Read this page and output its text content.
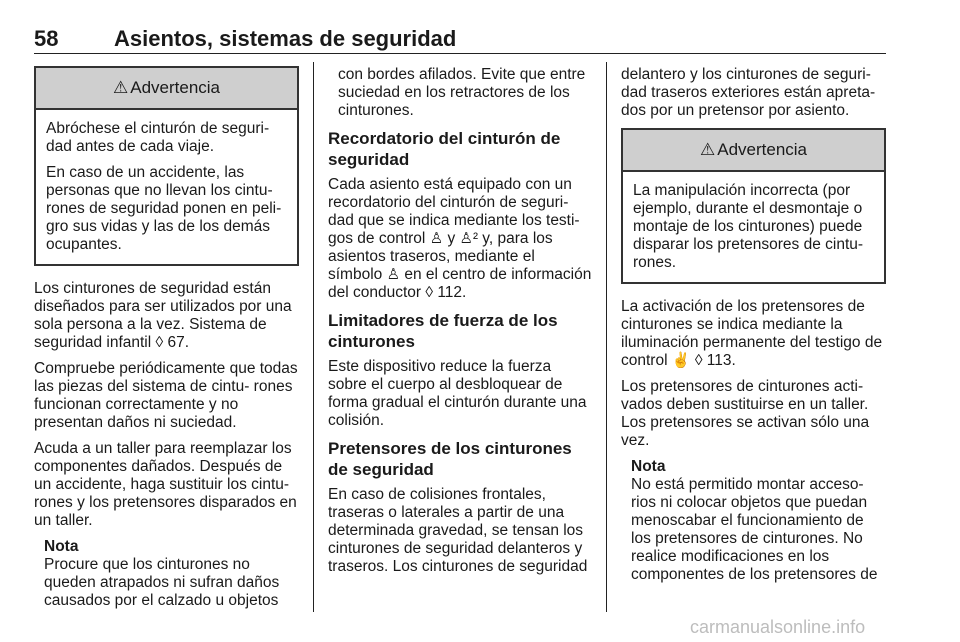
58	Asientos, sistemas de seguridad
⚠ Advertencia

Abróchese el cinturón de seguri- dad antes de cada viaje.

En caso de un accidente, las personas que no llevan los cintu- rones de seguridad ponen en peli- gro sus vidas y las de los demás ocupantes.

Los cinturones de seguridad están diseñados para ser utilizados por una sola persona a la vez. Sistema de seguridad infantil ◊ 67.

Compruebe periódicamente que todas las piezas del sistema de cintu- rones funcionan correctamente y no presentan daños ni suciedad.

Acuda a un taller para reemplazar los componentes dañados. Después de un accidente, haga sustituir los cintu- rones y los pretensores disparados en un taller.

Nota
Procure que los cinturones no queden atrapados ni sufran daños causados por el calzado u objetos

con bordes afilados. Evite que entre suciedad en los retractores de los cinturones.

Recordatorio del cinturón de seguridad

Cada asiento está equipado con un recordatorio del cinturón de seguri- dad que se indica mediante los testi- gos de control ♙ y ♙² y, para los asientos traseros, mediante el símbolo ♙ en el centro de información del conductor ◊ 112.

Limitadores de fuerza de los cinturones

Este dispositivo reduce la fuerza sobre el cuerpo al desbloquear de forma gradual el cinturón durante una colisión.

Pretensores de los cinturones de seguridad

En caso de colisiones frontales, traseras o laterales a partir de una determinada gravedad, se tensan los cinturones de seguridad delanteros y traseros. Los cinturones de seguridad

delantero y los cinturones de seguri- dad traseros exteriores están apreta- dos por un pretensor por asiento.

⚠ Advertencia

La manipulación incorrecta (por ejemplo, durante el desmontaje o montaje de los cinturones) puede disparar los pretensores de cintu- rones.

La activación de los pretensores de cinturones se indica mediante la iluminación permanente del testigo de control ✌ ◊ 113.

Los pretensores de cinturones acti- vados deben sustituirse en un taller. Los pretensores se activan sólo una vez.

Nota
No está permitido montar acceso- rios ni colocar objetos que puedan menoscabar el funcionamiento de los pretensores de cinturones. No realice modificaciones en los componentes de los pretensores de
carmanualsonline.info
